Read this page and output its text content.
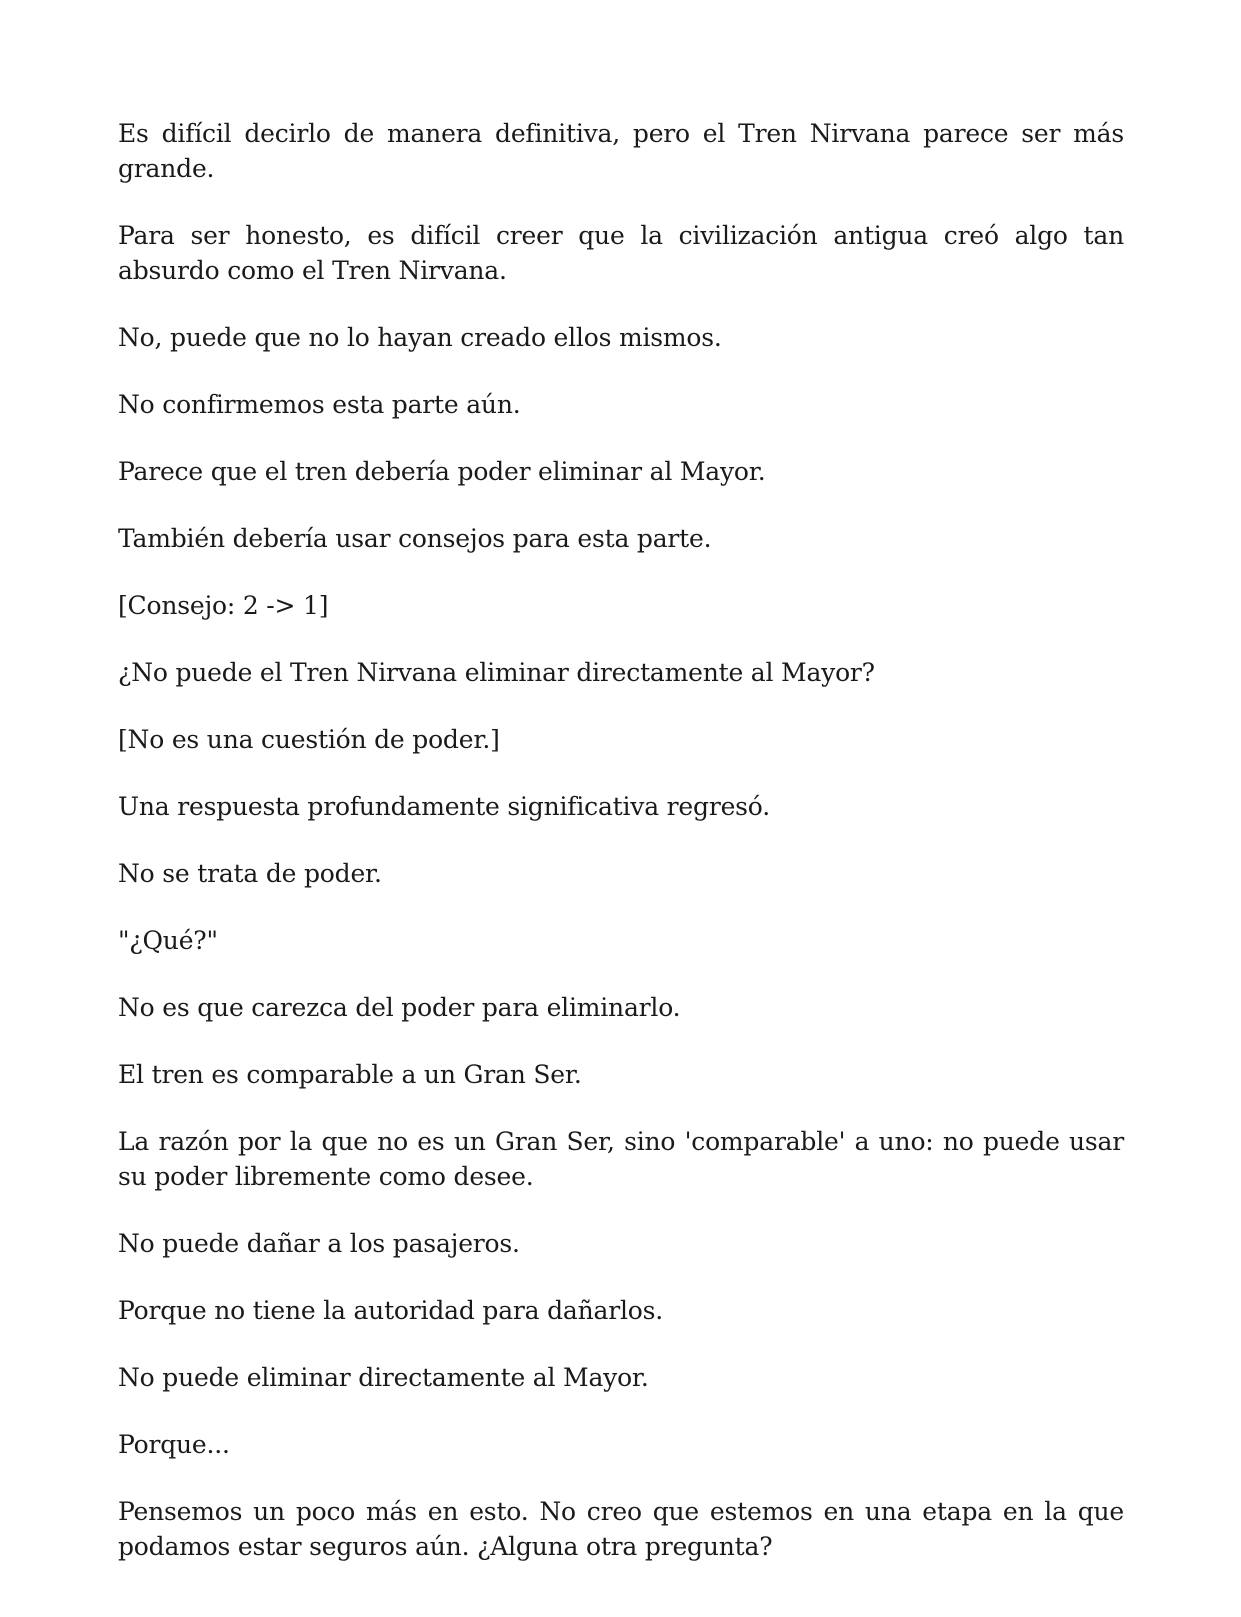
Es difícil decirlo de manera definitiva, pero el Tren Nirvana parece ser más grande.

Para ser honesto, es difícil creer que la civilización antigua creó algo tan absurdo como el Tren Nirvana.

No, puede que no lo hayan creado ellos mismos.

No confirmemos esta parte aún.

Parece que el tren debería poder eliminar al Mayor.

También debería usar consejos para esta parte.

[Consejo: 2 -> 1]

¿No puede el Tren Nirvana eliminar directamente al Mayor?

[No es una cuestión de poder.]

Una respuesta profundamente significativa regresó.

No se trata de poder.

"¿Qué?"

No es que carezca del poder para eliminarlo.

El tren es comparable a un Gran Ser.

La razón por la que no es un Gran Ser, sino 'comparable' a uno: no puede usar su poder libremente como desee.

No puede dañar a los pasajeros.

Porque no tiene la autoridad para dañarlos.

No puede eliminar directamente al Mayor.

Porque...

Pensemos un poco más en esto. No creo que estemos en una etapa en la que podamos estar seguros aún. ¿Alguna otra pregunta?
